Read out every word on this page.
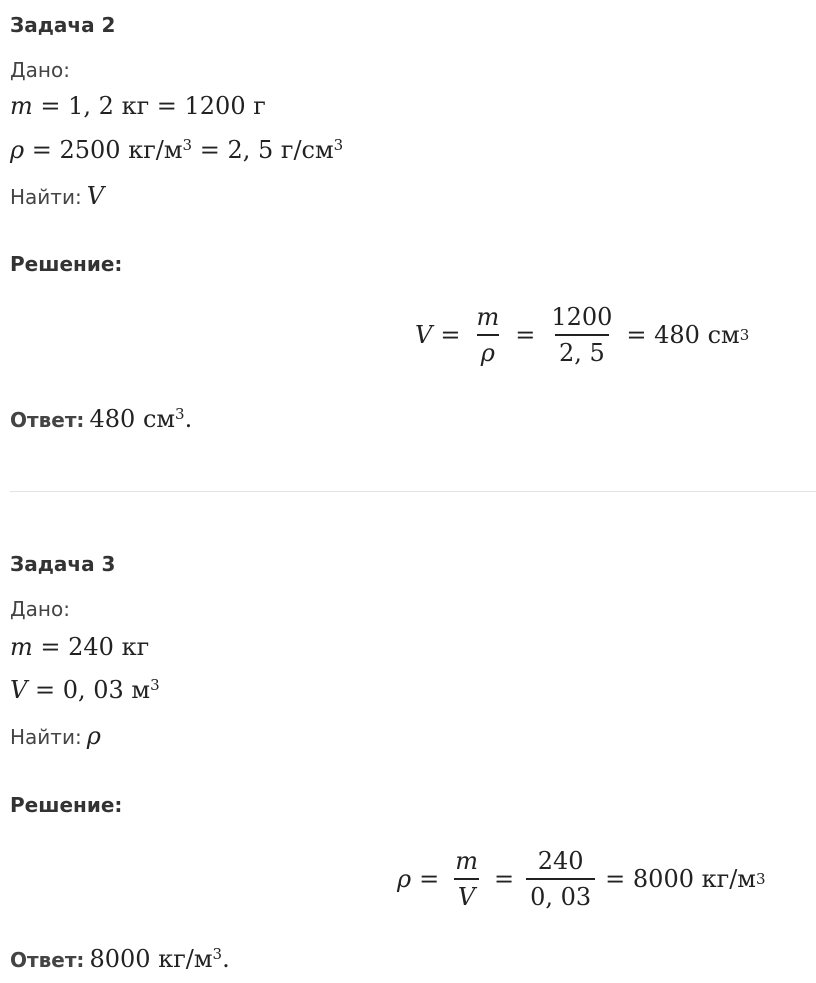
Задача 2
Дано:
m = 1, 2 кг = 1200 г
ρ = 2500 $кг/м^3 = 2$, 5 $г/см^3$
Найти: V
Решение:
$V = \frac{m}{\rho} = \frac{1200}{2, 5} = 480$ см 3
Ответ: 480 $см^3$.
Задача 3
Дано:
m = 240 кг
V = 0, 03 $м^3$
Найти: ρ
Решение:
$\rho = \frac{m}{V} = \frac{240}{0, 03} = 8000$ кг/м 3
Ответ: 8000 $кг/м^3$.
